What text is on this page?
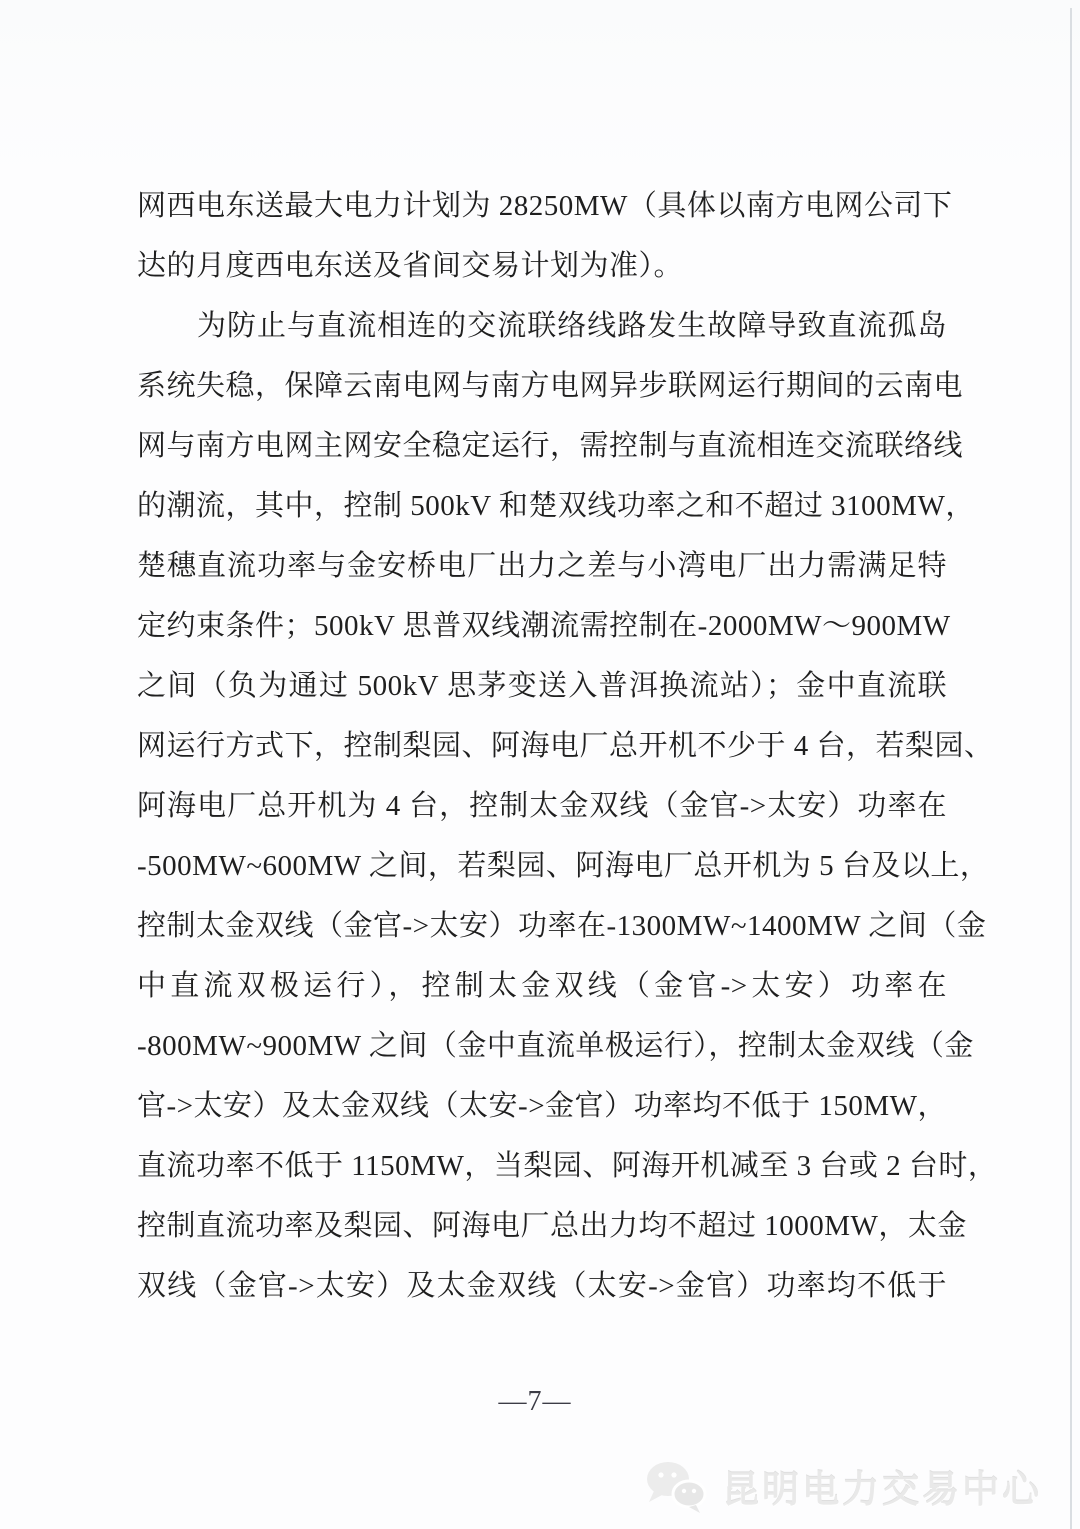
网西电东送最大电力计划为 28250MW（具体以南方电网公司下
达的月度西电东送及省间交易计划为准）。
为防止与直流相连的交流联络线路发生故障导致直流孤岛
系统失稳，保障云南电网与南方电网异步联网运行期间的云南电
网与南方电网主网安全稳定运行，需控制与直流相连交流联络线
的潮流，其中，控制 500kV 和楚双线功率之和不超过 3100MW，
楚穗直流功率与金安桥电厂出力之差与小湾电厂出力需满足特
定约束条件；500kV 思普双线潮流需控制在-2000MW～900MW
之间（负为通过 500kV 思茅变送入普洱换流站）；金中直流联
网运行方式下，控制梨园、阿海电厂总开机不少于 4 台，若梨园、
阿海电厂总开机为 4 台，控制太金双线（金官->太安）功率在
-500MW~600MW 之间，若梨园、阿海电厂总开机为 5 台及以上，
控制太金双线（金官->太安）功率在-1300MW~1400MW 之间（金
中直流双极运行），控制太金双线（金官->太安）功率在
-800MW~900MW 之间（金中直流单极运行），控制太金双线（金
官->太安）及太金双线（太安->金官）功率均不低于 150MW，
直流功率不低于 1150MW，当梨园、阿海开机减至 3 台或 2 台时，
控制直流功率及梨园、阿海电厂总出力均不超过 1000MW，太金
双线（金官->太安）及太金双线（太安->金官）功率均不低于
—7—
昆明电力交易中心
